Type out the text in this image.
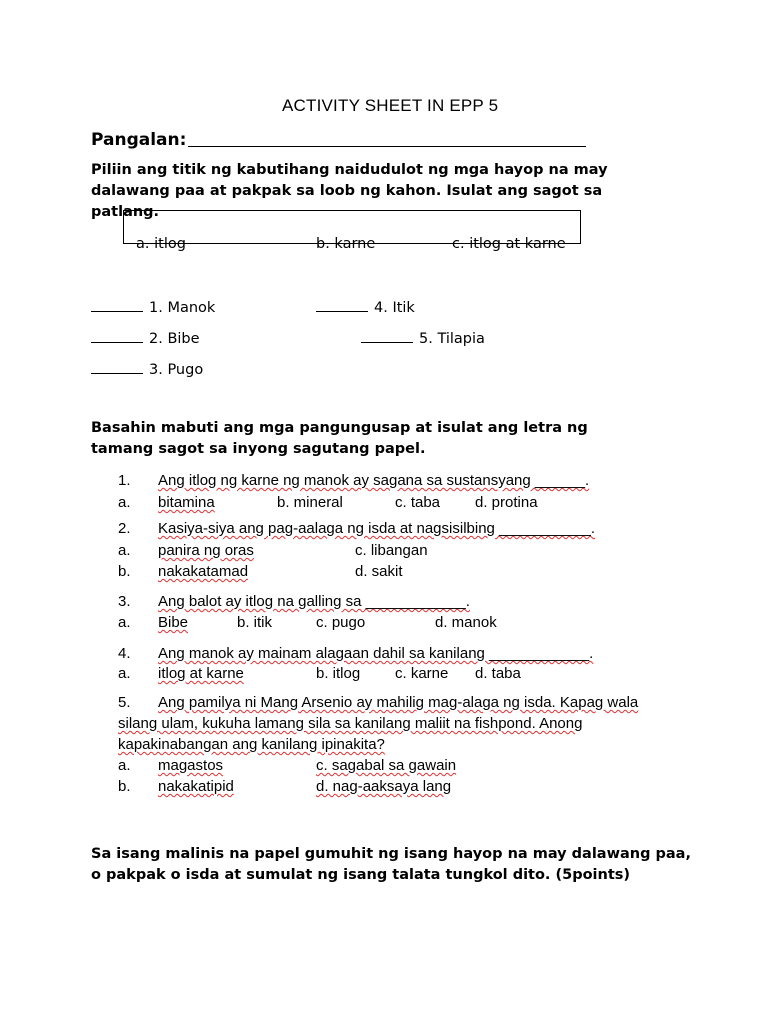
ACTIVITY SHEET IN EPP 5
Pangalan:
Piliin ang titik ng kabutihang naidudulot ng mga hayop na may dalawang paa at pakpak sa loob ng kahon. Isulat ang sagot sa patlang.
a. itlog	b. karne	c. itlog at karne
1. Manok
2. Bibe
3. Pugo
4. Itik
5. Tilapia
Basahin mabuti ang mga pangungusap at isulat ang letra ng tamang sagot sa inyong sagutang papel.
1. Ang itlog ng karne ng manok ay sagana sa sustansyang ______.
a. bitamina	b. mineral	c. taba d. protina
2. Kasiya-siya ang pag-aalaga ng isda at nagsisilbing ___________.
a. panira ng oras	c. libangan
b. nakakatamad	d. sakit
3. Ang balot ay itlog na galling sa ____________.
a. Bibe	b. itik	c. pugo	d. manok
4. Ang manok ay mainam alagaan dahil sa kanilang ____________.
a. itlog at karne	b. itlog c. karne d. taba
5. Ang pamilya ni Mang Arsenio ay mahilig mag-alaga ng isda. Kapag wala
silang ulam, kukuha lamang sila sa kanilang maliit na fishpond. Anong
kapakinabangan ang kanilang ipinakita?
a. magastos	c. sagabal sa gawain
b. nakakatipid	d. nag-aaksaya lang
Sa isang malinis na papel gumuhit ng isang hayop na may dalawang paa, o pakpak o isda at sumulat ng isang talata tungkol dito. (5points)
